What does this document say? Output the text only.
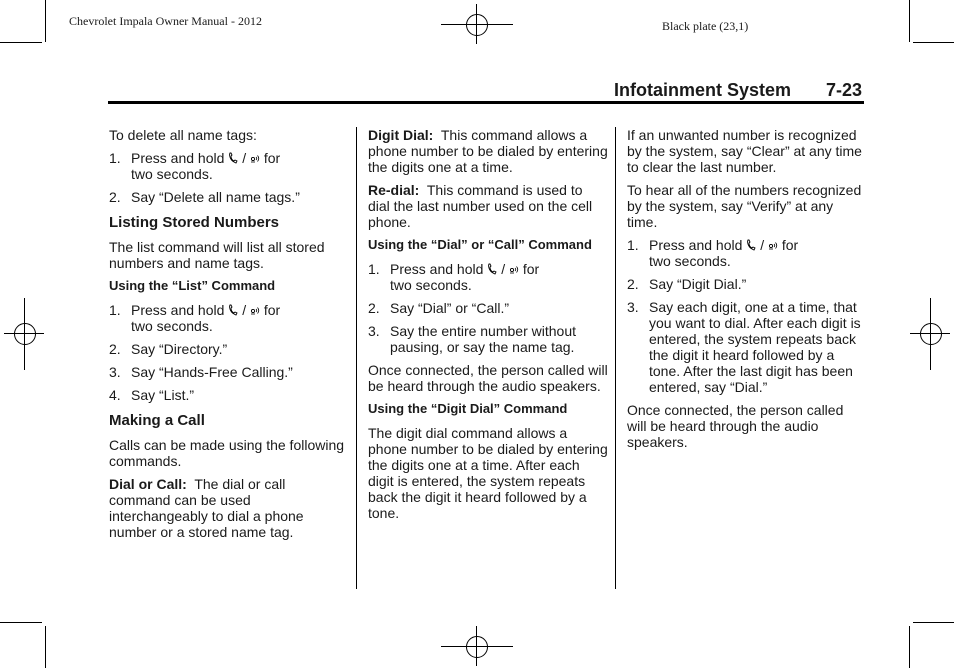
Chevrolet Impala Owner Manual - 2012	Black plate (23,1)
Infotainment System 7-23

To delete all name tags:

1. Press and hold / for
two seconds.
2. Say “Delete all name tags.”
Listing Stored Numbers

The list command will list all stored numbers and name tags.

Using the “List” Command
1. Press and hold / for
two seconds.
2. Say “Directory.”
3. Say “Hands-Free Calling.”
4. Say “List.”
Making a Call

Calls can be made using the following commands.

Dial or Call: The dial or call command can be used interchangeably to dial a phone number or a stored name tag.

Digit Dial: This command allows a phone number to be dialed by entering the digits one at a time.

Re-dial: This command is used to dial the last number used on the cell phone.

Using the “Dial” or “Call” Command
1. Press and hold / for
two seconds.
2. Say “Dial” or “Call.”
3. Say the entire number without pausing, or say the name tag.

Once connected, the person called will be heard through the audio speakers.

Using the “Digit Dial” Command

The digit dial command allows a phone number to be dialed by entering the digits one at a time. After each digit is entered, the system repeats back the digit it heard followed by a tone.

If an unwanted number is recognized by the system, say “Clear” at any time to clear the last number.

To hear all of the numbers recognized by the system, say “Verify” at any time.

1. Press and hold / for
two seconds.
2. Say “Digit Dial.”
3. Say each digit, one at a time, that you want to dial. After each digit is entered, the system repeats back the digit it heard followed by a tone. After the last digit has been entered, say “Dial.”

Once connected, the person called will be heard through the audio speakers.
